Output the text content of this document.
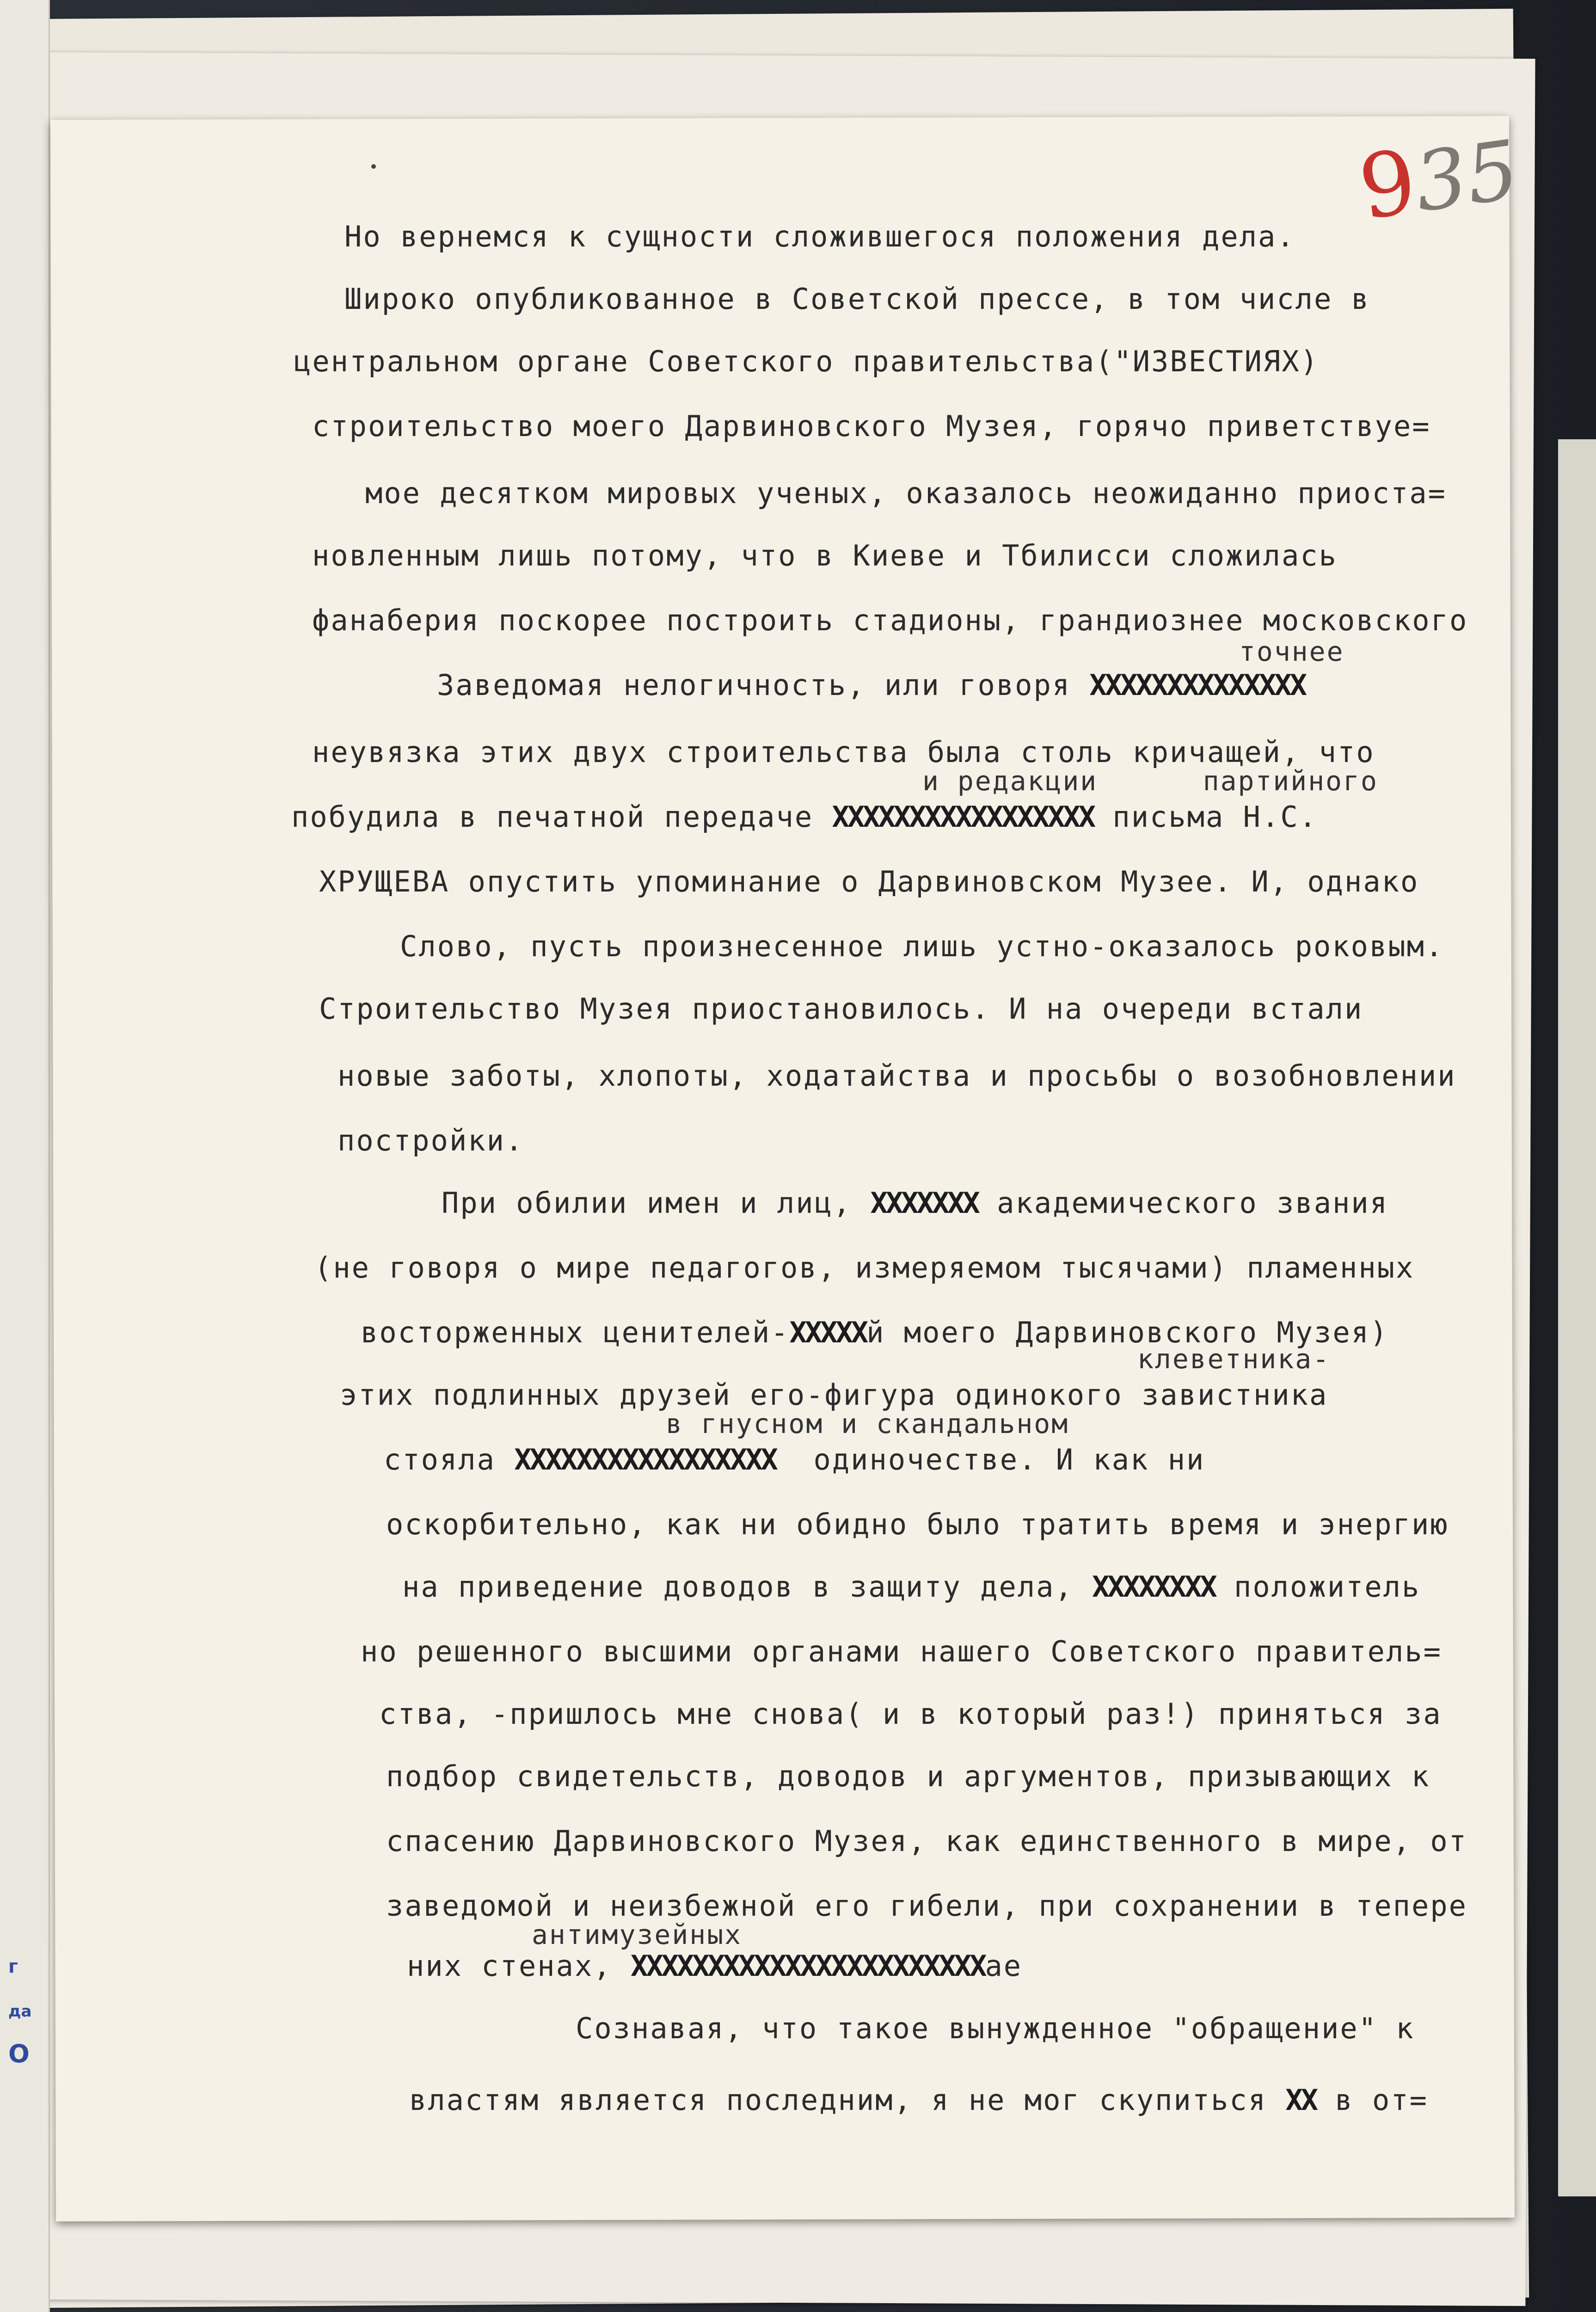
г
да
О
935
Но вернемся к сущности сложившегося положения дела.
Широко опубликованное в Советской прессе, в том числе в
центральном органе Советского правительства("ИЗВЕСТИЯХ)
строительство моего Дарвиновского Музея, горячо приветствуе=
мое десятком мировых ученых, оказалось неожиданно приоста=
новленным лишь потому, что в Киеве и Тбилисси сложилась
фанаберия поскорее построить стадионы, грандиознее московского
точнее
Заведомая нелогичность, или говоря ХХХХХХХХХХХХХХ
неувязка этих двух строительства была столь кричащей, что
и редакции      партийного
побудила в печатной передаче ХХХХХХХХХХХХХХХХХ письма Н.С.
ХРУЩЕВА опустить упоминание о Дарвиновском Музее. И, однако
Слово, пусть произнесенное лишь устно-оказалось роковым.
Строительство Музея приостановилось. И на очереди встали
новые заботы, хлопоты, ходатайства и просьбы о возобновлении
постройки.
При обилии имен и лиц, ХХХХХХХ академического звания
(не говоря о мире педагогов, измеряемом тысячами) пламенных
восторженных ценителей-ХХХХХй моего Дарвиновского Музея)
клеветника-
этих подлинных друзей его-фигура одинокого завистника
в гнусном и скандальном
стояла ХХХХХХХХХХХХХХХХХ  одиночестве. И как ни
оскорбительно, как ни обидно было тратить время и энергию
на приведение доводов в защиту дела, ХХХХХХХХ положитель
но решенного высшими органами нашего Советского правитель=
ства, -пришлось мне снова( и в который раз!) приняться за
подбор свидетельств, доводов и аргументов, призывающих к
спасению Дарвиновского Музея, как единственного в мире, от
заведомой и неизбежной его гибели, при сохранении в тепере
антимузейных
них стенах, ХХХХХХХХХХХХХХХХХХХХХХХае
Сознавая, что такое вынужденное "обращение" к
властям является последним, я не мог скупиться ХХ в от=
